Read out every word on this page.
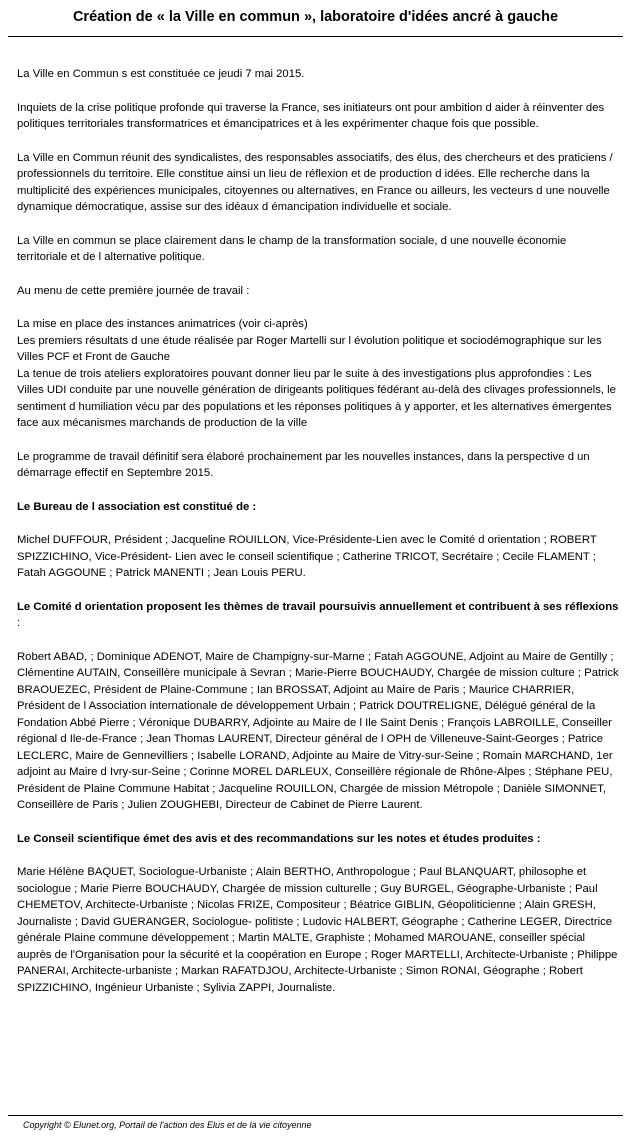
Création de « la Ville en commun », laboratoire d'idées ancré à gauche

La Ville en Commun s est constituée ce jeudi 7 mai 2015.

Inquiets de la crise politique profonde qui traverse la France, ses initiateurs ont pour ambition d aider à réinventer des politiques territoriales transformatrices et émancipatrices et à les expérimenter chaque fois que possible.

La Ville en Commun réunit des syndicalistes, des responsables associatifs, des élus, des chercheurs et des praticiens / professionnels du territoire. Elle constitue ainsi un lieu de réflexion et de production d idées. Elle recherche dans la multiplicité des expériences municipales, citoyennes ou alternatives, en France ou ailleurs, les vecteurs d une nouvelle dynamique démocratique, assise sur des idéaux d émancipation individuelle et sociale.

La Ville en commun se place clairement dans le champ de la transformation sociale, d une nouvelle économie territoriale et de l alternative politique.

Au menu de cette première journée de travail :

La mise en place des instances animatrices (voir ci-après)

Les premiers résultats d une étude réalisée par Roger Martelli sur l évolution politique et sociodémographique sur les Villes PCF et Front de Gauche

La tenue de trois ateliers exploratoires pouvant donner lieu par le suite à des investigations plus approfondies : Les Villes UDI conduite par une nouvelle génération de dirigeants politiques fédérant au-delà des clivages professionnels, le sentiment d humiliation vécu par des populations et les réponses politiques à y apporter, et les alternatives émergentes face aux mécanismes marchands de production de la ville

Le programme de travail définitif sera élaboré prochainement par les nouvelles instances, dans la perspective d un démarrage effectif en Septembre 2015.

Le Bureau de l association est constitué de :

Michel DUFFOUR, Président ; Jacqueline ROUILLON, Vice-Présidente-Lien avec le Comité d orientation ; ROBERT SPIZZICHINO, Vice-Président- Lien avec le conseil scientifique ; Catherine TRICOT, Secrétaire ; Cecile FLAMENT ; Fatah AGGOUNE ; Patrick MANENTI ; Jean Louis PERU.

Le Comité d orientation proposent les thèmes de travail poursuivis annuellement et contribuent à ses réflexions :

Robert ABAD, ; Dominique ADENOT, Maire de Champigny-sur-Marne ; Fatah AGGOUNE, Adjoint au Maire de Gentilly ; Clémentine AUTAIN, Conseillère municipale à Sevran ; Marie-Pierre BOUCHAUDY, Chargée de mission culture ; Patrick BRAOUEZEC, Président de Plaine-Commune ; Ian BROSSAT, Adjoint au Maire de Paris ; Maurice CHARRIER, Président de l Association internationale de développement Urbain ; Patrick DOUTRELIGNE, Délégué général de la Fondation Abbé Pierre ; Véronique DUBARRY, Adjointe au Maire de l Ile Saint Denis ; François LABROILLE, Conseiller régional d Ile-de-France ; Jean Thomas LAURENT, Directeur général de l OPH de Villeneuve-Saint-Georges ; Patrice LECLERC, Maire de Gennevilliers ; Isabelle LORAND, Adjointe au Maire de Vitry-sur-Seine ; Romain MARCHAND, 1er adjoint au Maire d Ivry-sur-Seine ; Corinne MOREL DARLEUX, Conseillère régionale de Rhône-Alpes ; Stéphane PEU, Président de Plaine Commune Habitat ; Jacqueline ROUILLON, Chargée de mission Métropole ; Danièle SIMONNET, Conseillère de Paris ; Julien ZOUGHEBI, Directeur de Cabinet de Pierre Laurent.

Le Conseil scientifique émet des avis et des recommandations sur les notes et études produites :

Marie Hélène BAQUET, Sociologue-Urbaniste ; Alain BERTHO, Anthropologue ; Paul BLANQUART, philosophe et sociologue ; Marie Pierre BOUCHAUDY, Chargée de mission culturelle ; Guy BURGEL, Géographe-Urbaniste ; Paul CHEMETOV, Architecte-Urbaniste ; Nicolas FRIZE, Compositeur ; Béatrice GIBLIN, Géopoliticienne ; Alain GRESH, Journaliste ; David GUERANGER, Sociologue- politiste ; Ludovic HALBERT, Géographe ; Catherine LEGER, Directrice générale Plaine commune développement ; Martin MALTE, Graphiste ; Mohamed MAROUANE, conseiller spécial auprès de l'Organisation pour la sécurité et la coopération en Europe ; Roger MARTELLI, Architecte-Urbaniste ; Philippe PANERAI, Architecte-urbaniste ; Markan RAFATDJOU, Architecte-Urbaniste ; Simon RONAI, Géographe ; Robert SPIZZICHINO, Ingénieur Urbaniste ; Sylivia ZAPPI, Journaliste.

Copyright © Elunet.org, Portail de l'action des Elus et de la vie citoyenne
